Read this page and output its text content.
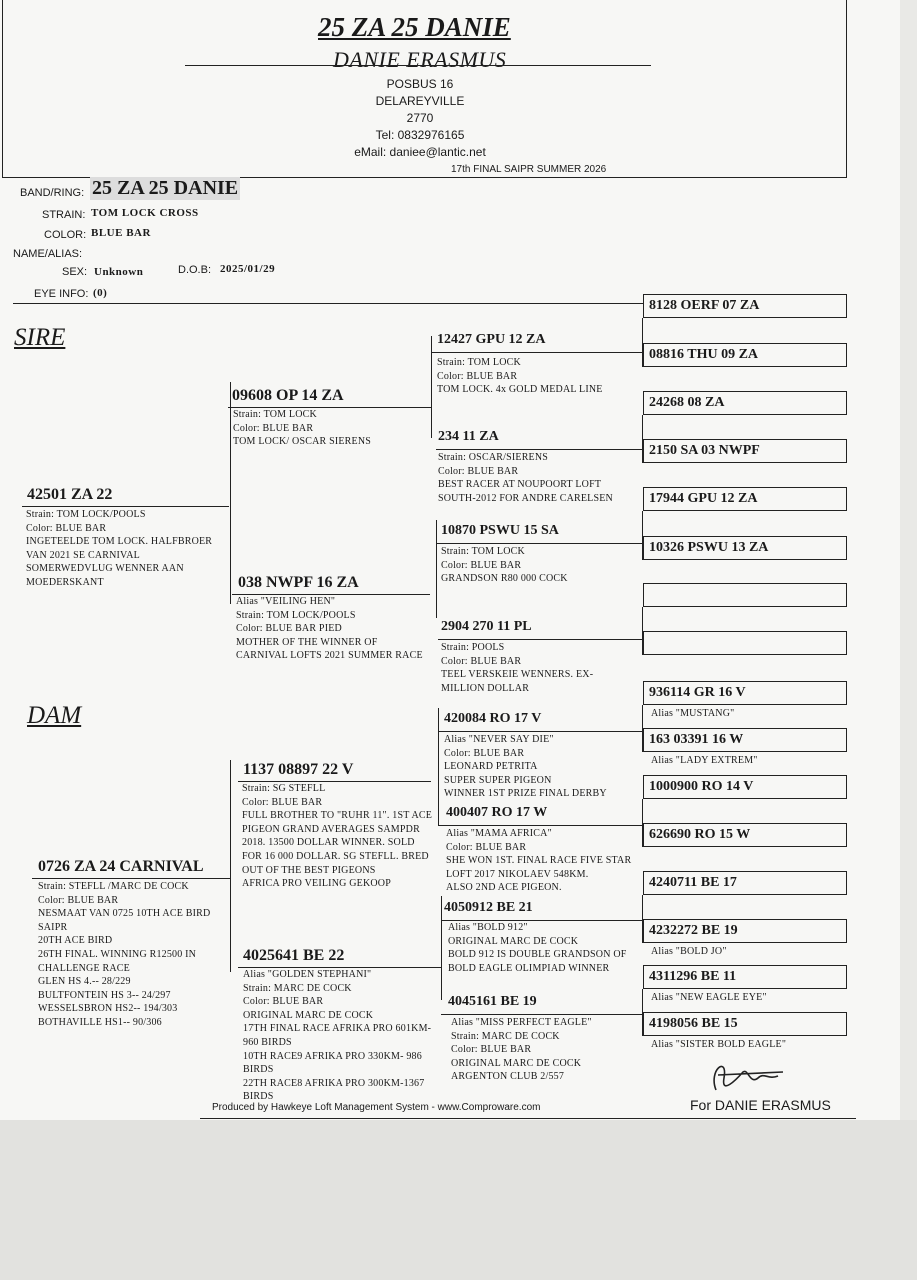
25 ZA 25 DANIE
DANIE ERASMUS
POSBUS 16
DELAREYVILLE
2770
Tel: 0832976165
eMail: daniee@lantic.net
17th FINAL SAIPR SUMMER 2026
BAND/RING: 25 ZA 25 DANIE
STRAIN: TOM LOCK CROSS
COLOR: BLUE BAR
NAME/ALIAS:
SEX: Unknown	D.O.B: 2025/01/29
EYE INFO: (0)
SIRE
DAM
42501 ZA 22
Strain: TOM LOCK/POOLS
Color: BLUE BAR
INGETEELDE TOM LOCK. HALFBROER
VAN 2021 SE CARNIVAL
SOMERWEDVLUG WENNER AAN
MOEDERSKANT
0726 ZA 24 CARNIVAL
Strain: STEFLL /MARC DE COCK
Color: BLUE BAR
NESMAAT VAN 0725 10TH ACE BIRD
SAIPR
20TH ACE BIRD
26TH FINAL. WINNING R12500 IN
CHALLENGE RACE
GLEN HS 4.-- 28/229
BULTFONTEIN HS 3-- 24/297
WESSELSBRON HS2-- 194/303
BOTHAVILLE HS1-- 90/306
09608 OP 14 ZA
Strain: TOM LOCK
Color: BLUE BAR
TOM LOCK/ OSCAR SIERENS
038 NWPF 16 ZA
Alias "VEILING HEN"
Strain: TOM LOCK/POOLS
Color: BLUE BAR PIED
MOTHER OF THE WINNER OF
CARNIVAL LOFTS 2021 SUMMER RACE
1137 08897 22 V
Strain: SG STEFLL
Color: BLUE BAR
FULL BROTHER TO "RUHR 11". 1ST ACE
PIGEON GRAND AVERAGES SAMPDR
2018. 13500 DOLLAR WINNER. SOLD
FOR 16 000 DOLLAR. SG STEFLL. BRED
OUT OF THE BEST PIGEONS
AFRICA PRO VEILING GEKOOP
4025641 BE 22
Alias "GOLDEN STEPHANI"
Strain: MARC DE COCK
Color: BLUE BAR
ORIGINAL MARC DE COCK
17TH FINAL RACE AFRIKA PRO 601KM-
960 BIRDS
10TH RACE9 AFRIKA PRO 330KM- 986
BIRDS
22TH RACE8 AFRIKA PRO 300KM-1367
BIRDS
12427 GPU 12 ZA
Strain: TOM LOCK
Color: BLUE BAR
TOM LOCK. 4x GOLD MEDAL LINE
234 11 ZA
Strain: OSCAR/SIERENS
Color: BLUE BAR
BEST RACER AT NOUPOORT LOFT
SOUTH-2012 FOR ANDRE CARELSEN
10870 PSWU 15 SA
Strain: TOM LOCK
Color: BLUE BAR
GRANDSON R80 000 COCK
2904 270 11 PL
Strain: POOLS
Color: BLUE BAR
TEEL VERSKEIE WENNERS. EX-
MILLION DOLLAR
420084 RO 17 V
Alias "NEVER SAY DIE"
Color: BLUE BAR
LEONARD PETRITA
SUPER SUPER PIGEON
WINNER 1ST PRIZE FINAL DERBY
400407 RO 17 W
Alias "MAMA AFRICA"
Color: BLUE BAR
SHE WON 1ST. FINAL RACE FIVE STAR
LOFT 2017 NIKOLAEV 548KM.
ALSO 2ND ACE PIGEON.
4050912 BE 21
Alias "BOLD 912"
ORIGINAL MARC DE COCK
BOLD 912 IS DOUBLE GRANDSON OF
BOLD EAGLE OLIMPIAD WINNER
4045161 BE 19
Alias "MISS PERFECT EAGLE"
Strain: MARC DE COCK
Color: BLUE BAR
ORIGINAL MARC DE COCK
ARGENTON CLUB 2/557
8128 OERF 07 ZA
08816 THU 09 ZA
24268 08 ZA
2150 SA 03 NWPF
17944 GPU 12 ZA
10326 PSWU 13 ZA
936114 GR 16 V
Alias "MUSTANG"
163 03391 16 W
Alias "LADY EXTREM"
1000900 RO 14 V
626690 RO 15 W
4240711 BE 17
4232272 BE 19
Alias "BOLD JO"
4311296 BE 11
Alias "NEW EAGLE EYE"
4198056 BE 15
Alias "SISTER BOLD EAGLE"
Produced by Hawkeye Loft Management System - www.Comproware.com	For DANIE ERASMUS
